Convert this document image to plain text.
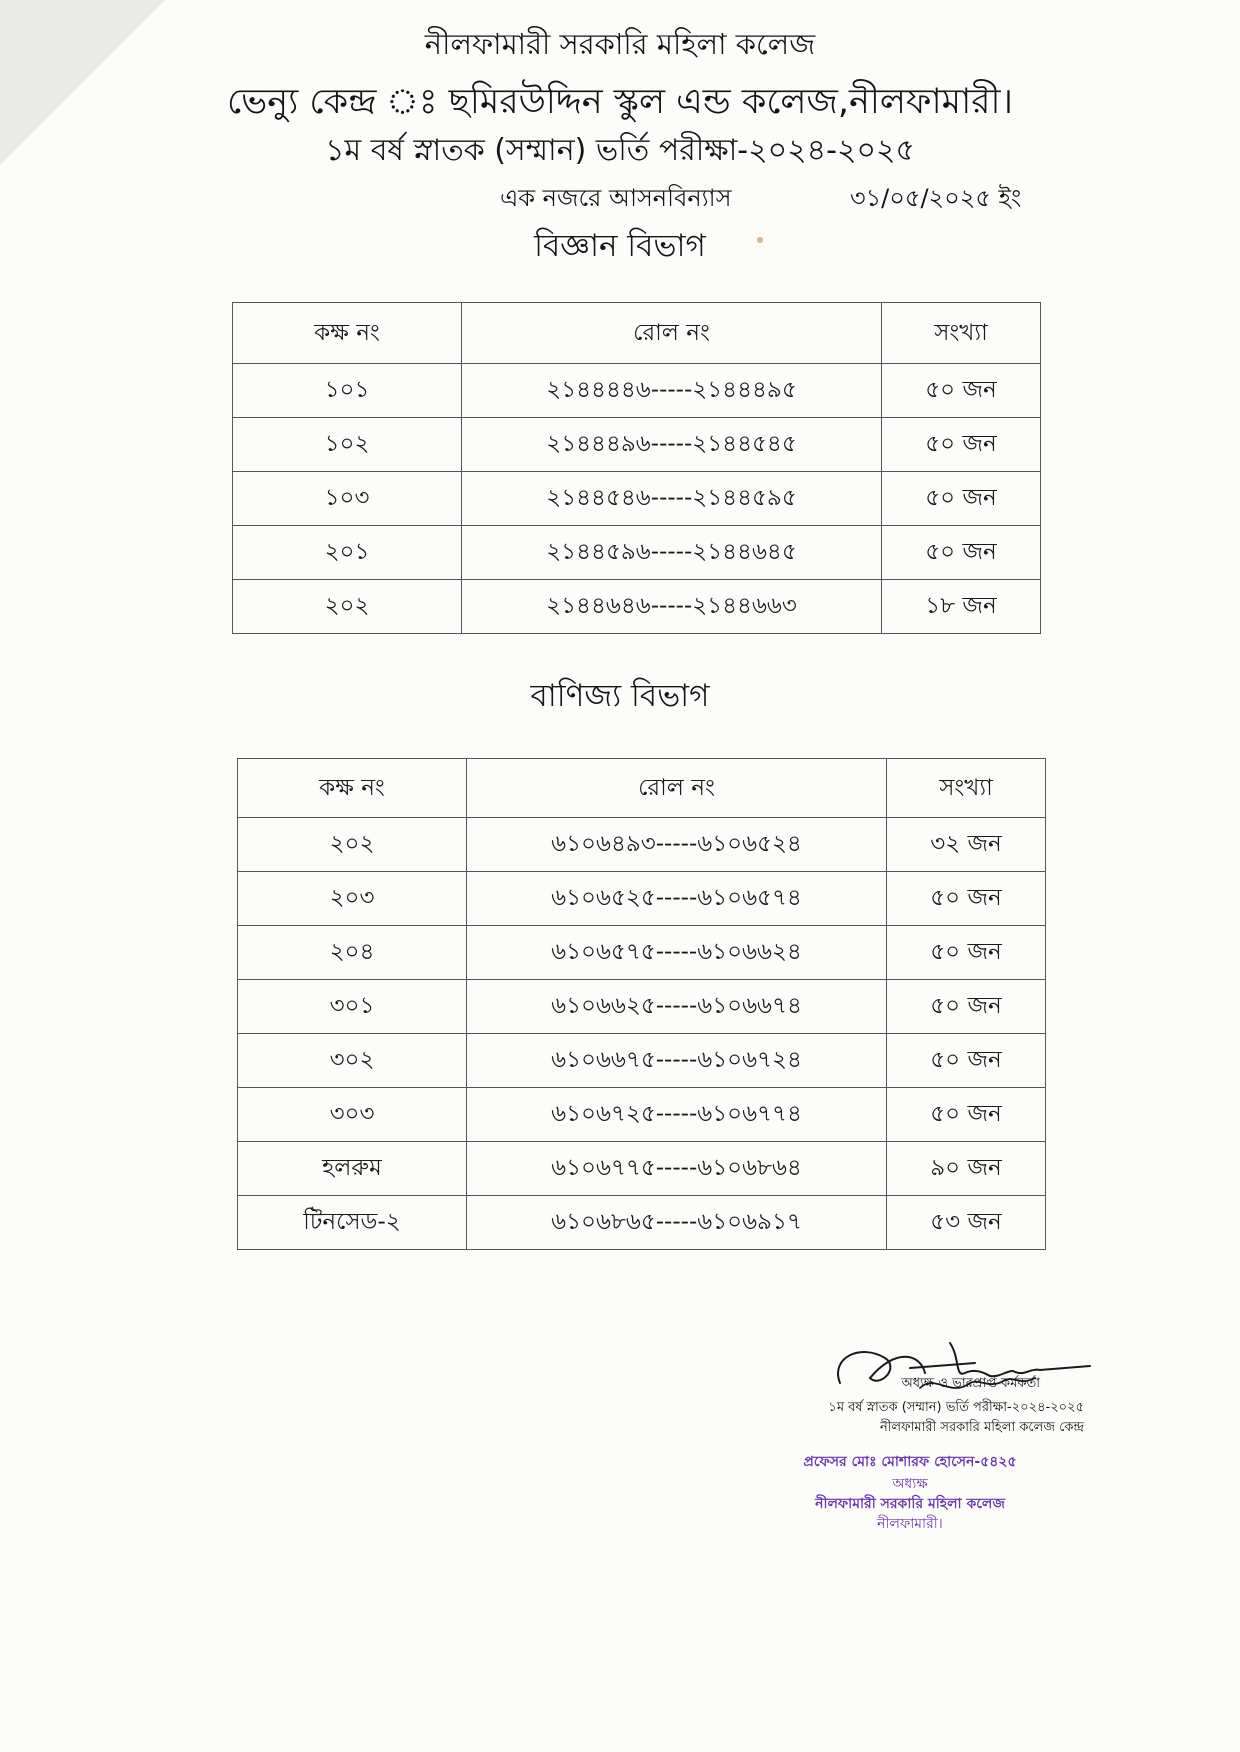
নীলফামারী সরকারি মহিলা কলেজ
ভেন্যু কেন্দ্র ঃ ছমিরউদ্দিন স্কুল এন্ড কলেজ,নীলফামারী।
১ম বর্ষ স্নাতক (সম্মান) ভর্তি পরীক্ষা-২০২৪-২০২৫
এক নজরে আসনবিন্যাস	৩১/০৫/২০২৫ ইং
বিজ্ঞান বিভাগ
কক্ষ নং	রোল নং	সংখ্যা
১০১	২১৪৪৪৪৬-----২১৪৪৪৯৫	৫০ জন
১০২	২১৪৪৪৯৬-----২১৪৪৫৪৫	৫০ জন
১০৩	২১৪৪৫৪৬-----২১৪৪৫৯৫	৫০ জন
২০১	২১৪৪৫৯৬-----২১৪৪৬৪৫	৫০ জন
২০২	২১৪৪৬৪৬-----২১৪৪৬৬৩	১৮ জন
বাণিজ্য বিভাগ
কক্ষ নং	রোল নং	সংখ্যা
২০২	৬১০৬৪৯৩-----৬১০৬৫২৪	৩২ জন
২০৩	৬১০৬৫২৫-----৬১০৬৫৭৪	৫০ জন
২০৪	৬১০৬৫৭৫-----৬১০৬৬২৪	৫০ জন
৩০১	৬১০৬৬২৫-----৬১০৬৬৭৪	৫০ জন
৩০২	৬১০৬৬৭৫-----৬১০৬৭২৪	৫০ জন
৩০৩	৬১০৬৭২৫-----৬১০৬৭৭৪	৫০ জন
হলরুম	৬১০৬৭৭৫-----৬১০৬৮৬৪	৯০ জন
টিনসেড-২	৬১০৬৮৬৫-----৬১০৬৯১৭	৫৩ জন
অধ্যক্ষ ও ভারপ্রাপ্ত কর্মকর্তা
১ম বর্ষ স্নাতক (সম্মান) ভর্তি পরীক্ষা-২০২৪-২০২৫
নীলফামারী সরকারি মহিলা কলেজ কেন্দ্র
প্রফেসর মোঃ মোশারফ হোসেন-৫৪২৫
অধ্যক্ষ
নীলফামারী সরকারি মহিলা কলেজ
নীলফামারী।
